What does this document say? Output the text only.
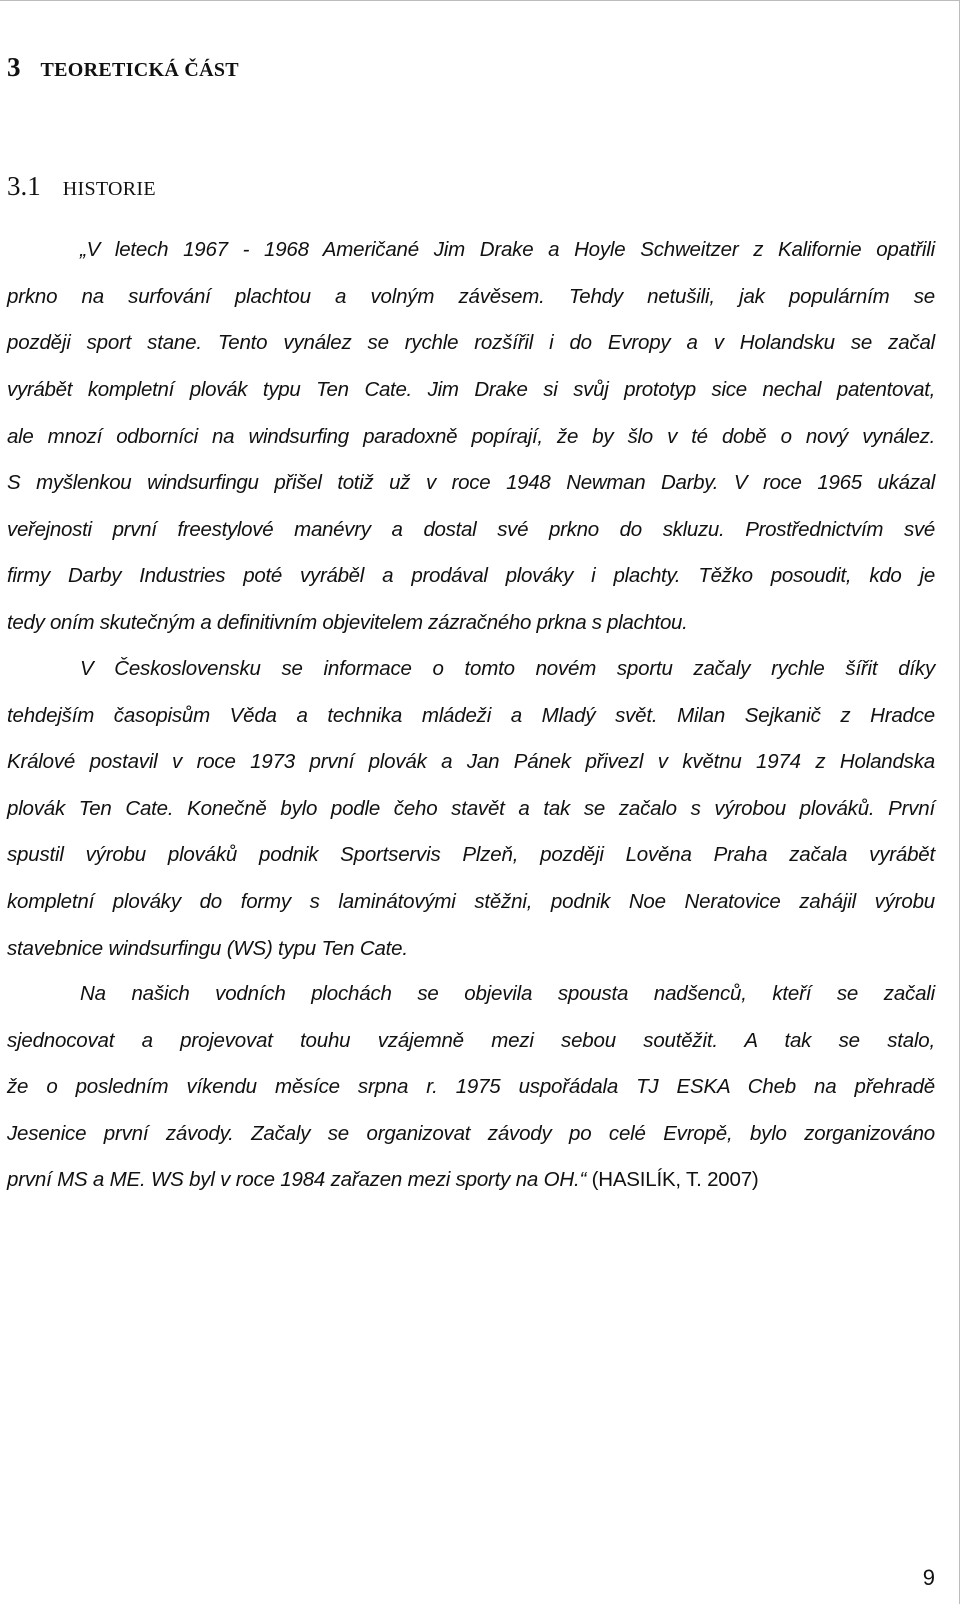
3 TEORETICKÁ ČÁST
3.1 HISTORIE
„V letech 1967 - 1968 Američané Jim Drake a Hoyle Schweitzer z Kalifornie opatřili
prkno na surfování plachtou a volným závěsem. Tehdy netušili, jak populárním se
později sport stane. Tento vynález se rychle rozšířil i do Evropy a v Holandsku se začal
vyrábět kompletní plovák typu Ten Cate. Jim Drake si svůj prototyp sice nechal patentovat,
ale mnozí odborníci na windsurfing paradoxně popírají, že by šlo v té době o nový vynález.
S myšlenkou windsurfingu přišel totiž už v roce 1948 Newman Darby. V roce 1965 ukázal
veřejnosti první freestylové manévry a dostal své prkno do skluzu. Prostřednictvím své
firmy Darby Industries poté vyráběl a prodával plováky i plachty. Těžko posoudit, kdo je
tedy oním skutečným a definitivním objevitelem zázračného prkna s plachtou.
V Československu se informace o tomto novém sportu začaly rychle šířit díky
tehdejším časopisům Věda a technika mládeži a Mladý svět. Milan Sejkanič z Hradce
Králové postavil v roce 1973 první plovák a Jan Pánek přivezl v květnu 1974 z Holandska
plovák Ten Cate. Konečně bylo podle čeho stavět a tak se začalo s výrobou plováků. První
spustil výrobu plováků podnik Sportservis Plzeň, později Lověna Praha začala vyrábět
kompletní plováky do formy s laminátovými stěžni, podnik Noe Neratovice zahájil výrobu
stavebnice windsurfingu (WS) typu Ten Cate.
Na našich vodních plochách se objevila spousta nadšenců, kteří se začali
sjednocovat a projevovat touhu vzájemně mezi sebou soutěžit. A tak se stalo,
že o posledním víkendu měsíce srpna r. 1975 uspořádala TJ ESKA Cheb na přehradě
Jesenice první závody. Začaly se organizovat závody po celé Evropě, bylo zorganizováno
první MS a ME. WS byl v roce 1984 zařazen mezi sporty na OH.“ (HASILÍK, T. 2007)

9
